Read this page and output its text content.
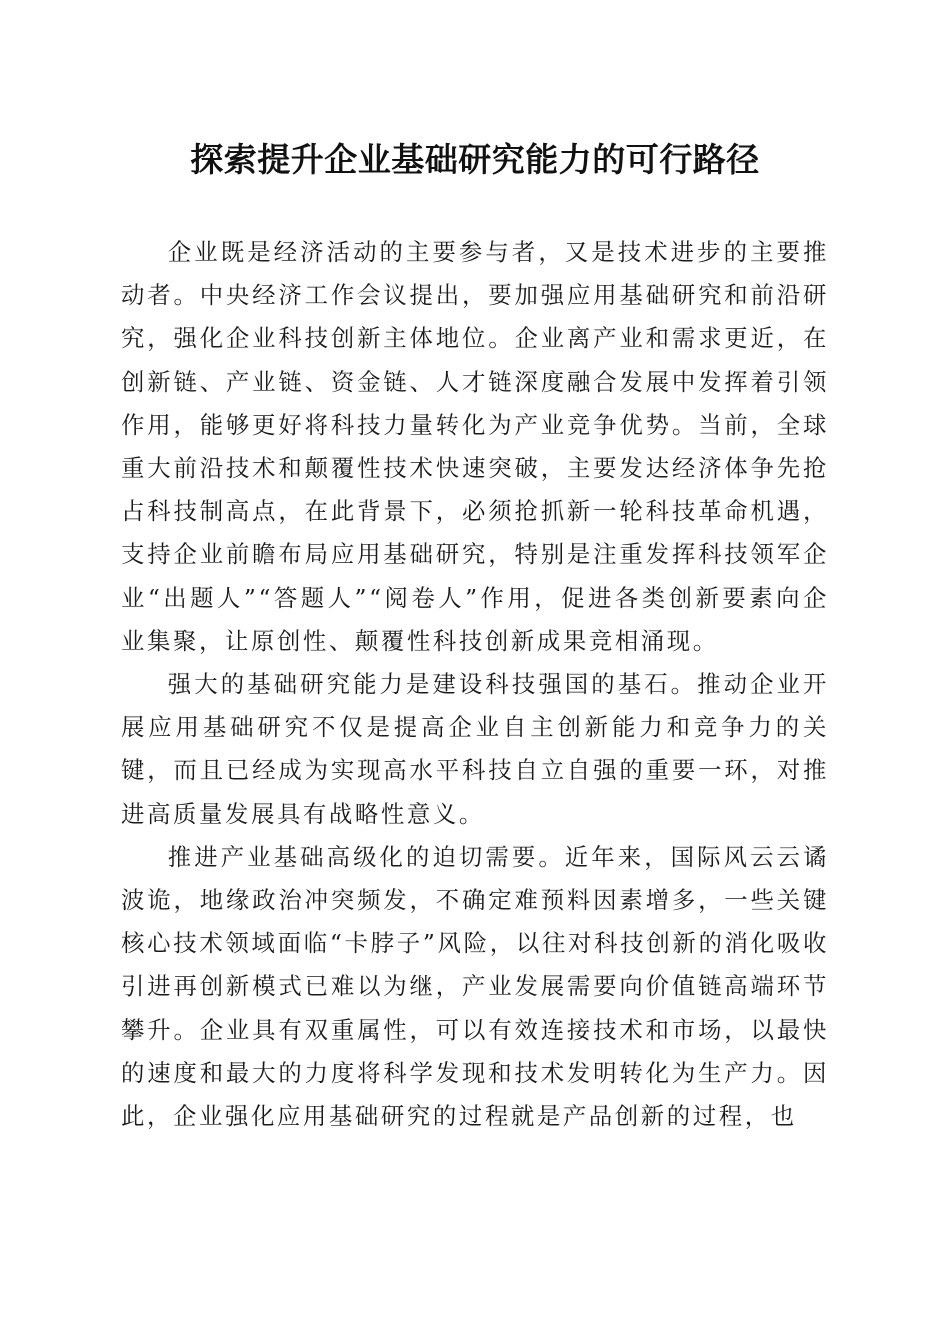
探索提升企业基础研究能力的可行路径

企业既是经济活动的主要参与者，又是技术进步的主要推动者。中央经济工作会议提出，要加强应用基础研究和前沿研究，强化企业科技创新主体地位。企业离产业和需求更近，在创新链、产业链、资金链、人才链深度融合发展中发挥着引领作用，能够更好将科技力量转化为产业竞争优势。当前，全球重大前沿技术和颠覆性技术快速突破，主要发达经济体争先抢占科技制高点，在此背景下，必须抢抓新一轮科技革命机遇，支持企业前瞻布局应用基础研究，特别是注重发挥科技领军企业“出题人”“答题人”“阅卷人”作用，促进各类创新要素向企业集聚，让原创性、颠覆性科技创新成果竞相涌现。

强大的基础研究能力是建设科技强国的基石。推动企业开展应用基础研究不仅是提高企业自主创新能力和竞争力的关键，而且已经成为实现高水平科技自立自强的重要一环，对推进高质量发展具有战略性意义。

推进产业基础高级化的迫切需要。近年来，国际风云云谲波诡，地缘政治冲突频发，不确定难预料因素增多，一些关键核心技术领域面临“卡脖子”风险，以往对科技创新的消化吸收引进再创新模式已难以为继，产业发展需要向价值链高端环节攀升。企业具有双重属性，可以有效连接技术和市场，以最快的速度和最大的力度将科学发现和技术发明转化为生产力。因此，企业强化应用基础研究的过程就是产品创新的过程，也
